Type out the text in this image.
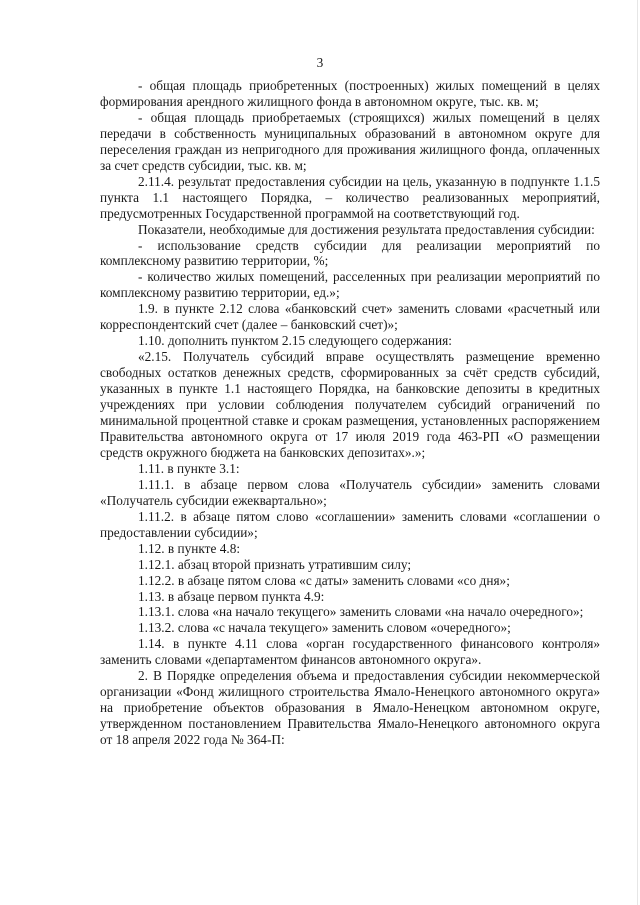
3

- общая площадь приобретенных (построенных) жилых помещений в целях формирования арендного жилищного фонда в автономном округе, тыс. кв. м;

- общая площадь приобретаемых (строящихся) жилых помещений в целях передачи в собственность муниципальных образований в автономном округе для переселения граждан из непригодного для проживания жилищного фонда, оплаченных за счет средств субсидии, тыс. кв. м;

2.11.4. результат предоставления субсидии на цель, указанную в подпункте 1.1.5 пункта 1.1 настоящего Порядка, – количество реализованных мероприятий, предусмотренных Государственной программой на соответствующий год.

Показатели, необходимые для достижения результата предоставления субсидии:

- использование средств субсидии для реализации мероприятий по комплексному развитию территории, %;

- количество жилых помещений, расселенных при реализации мероприятий по комплексному развитию территории, ед.»;

1.9. в пункте 2.12 слова «банковский счет» заменить словами «расчетный или корреспондентский счет (далее – банковский счет)»;

1.10. дополнить пунктом 2.15 следующего содержания:

«2.15. Получатель субсидий вправе осуществлять размещение временно свободных остатков денежных средств, сформированных за счёт средств субсидий, указанных в пункте 1.1 настоящего Порядка, на банковские депозиты в кредитных учреждениях при условии соблюдения получателем субсидий ограничений по минимальной процентной ставке и срокам размещения, установленных распоряжением Правительства автономного округа от 17 июля 2019 года 463-РП «О размещении средств окружного бюджета на банковских депозитах».»;

1.11. в пункте 3.1:

1.11.1. в абзаце первом слова «Получатель субсидии» заменить словами «Получатель субсидии ежеквартально»;

1.11.2. в абзаце пятом слово «соглашении» заменить словами «соглашении о предоставлении субсидии»;

1.12. в пункте 4.8:

1.12.1. абзац второй признать утратившим силу;

1.12.2. в абзаце пятом слова «с даты» заменить словами «со дня»;

1.13. в абзаце первом пункта 4.9:

1.13.1. слова «на начало текущего» заменить словами «на начало очередного»;

1.13.2. слова «с начала текущего» заменить словом «очередного»;

1.14. в пункте 4.11 слова «орган государственного финансового контроля» заменить словами «департаментом финансов автономного округа».

2. В Порядке определения объема и предоставления субсидии некоммерческой организации «Фонд жилищного строительства Ямало-Ненецкого автономного округа» на приобретение объектов образования в Ямало-Ненецком автономном округе, утвержденном постановлением Правительства Ямало-Ненецкого автономного округа от 18 апреля 2022 года № 364-П:
